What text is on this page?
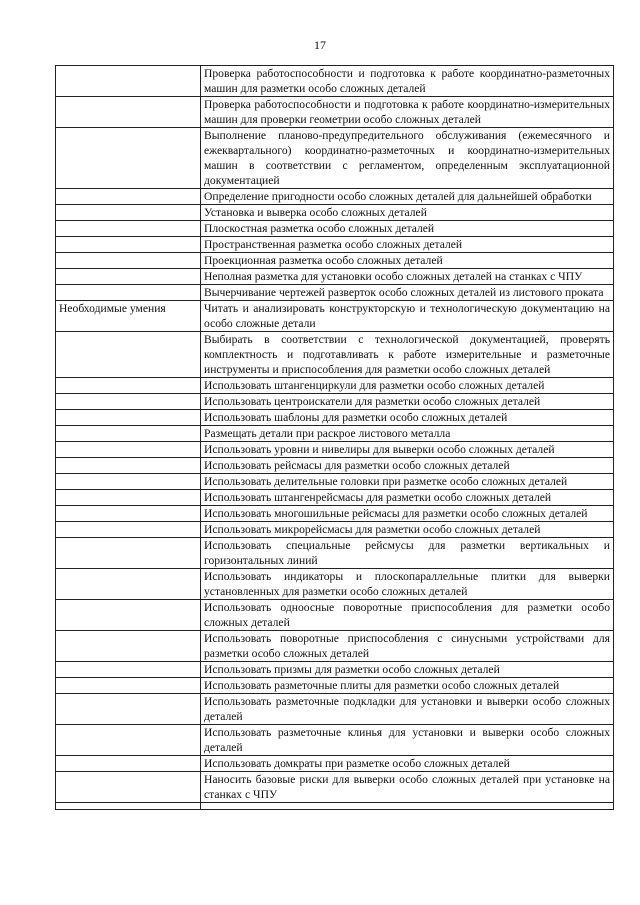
17
	Проверка работоспособности и подготовка к работе координатно-разметочных машин для разметки особо сложных деталей
	Проверка работоспособности и подготовка к работе координатно-измерительных машин для проверки геометрии особо сложных деталей
	Выполнение планово-предупредительного обслуживания (ежемесячного и ежеквартального) координатно-разметочных и координатно-измерительных машин в соответствии с регламентом, определенным эксплуатационной документацией
	Определение пригодности особо сложных деталей для дальнейшей обработки
	Установка и выверка особо сложных деталей
	Плоскостная разметка особо сложных деталей
	Пространственная разметка особо сложных деталей
	Проекционная разметка особо сложных деталей
	Неполная разметка для установки особо сложных деталей на станках с ЧПУ
	Вычерчивание чертежей разверток особо сложных деталей из листового проката
Необходимые умения	Читать и анализировать конструкторскую и технологическую документацию на особо сложные детали
	Выбирать в соответствии с технологической документацией, проверять комплектность и подготавливать к работе измерительные и разметочные инструменты и приспособления для разметки особо сложных деталей
	Использовать штангенциркули для разметки особо сложных деталей
	Использовать центроискатели для разметки особо сложных деталей
	Использовать шаблоны для разметки особо сложных деталей
	Размещать детали при раскрое листового металла
	Использовать уровни и нивелиры для выверки особо сложных деталей
	Использовать рейсмасы для разметки особо сложных деталей
	Использовать делительные головки при разметке особо сложных деталей
	Использовать штангенрейсмасы для разметки особо сложных деталей
	Использовать многошильные рейсмасы для разметки особо сложных деталей
	Использовать микрорейсмасы для разметки особо сложных деталей
	Использовать специальные рейсмусы для разметки вертикальных и горизонтальных линий
	Использовать индикаторы и плоскопараллельные плитки для выверки установленных для разметки особо сложных деталей
	Использовать одноосные поворотные приспособления для разметки особо сложных деталей
	Использовать поворотные приспособления с синусными устройствами для разметки особо сложных деталей
	Использовать призмы для разметки особо сложных деталей
	Использовать разметочные плиты для разметки особо сложных деталей
	Использовать разметочные подкладки для установки и выверки особо сложных деталей
	Использовать разметочные клинья для установки и выверки особо сложных деталей
	Использовать домкраты при разметке особо сложных деталей
	Наносить базовые риски для выверки особо сложных деталей при установке на станках с ЧПУ
